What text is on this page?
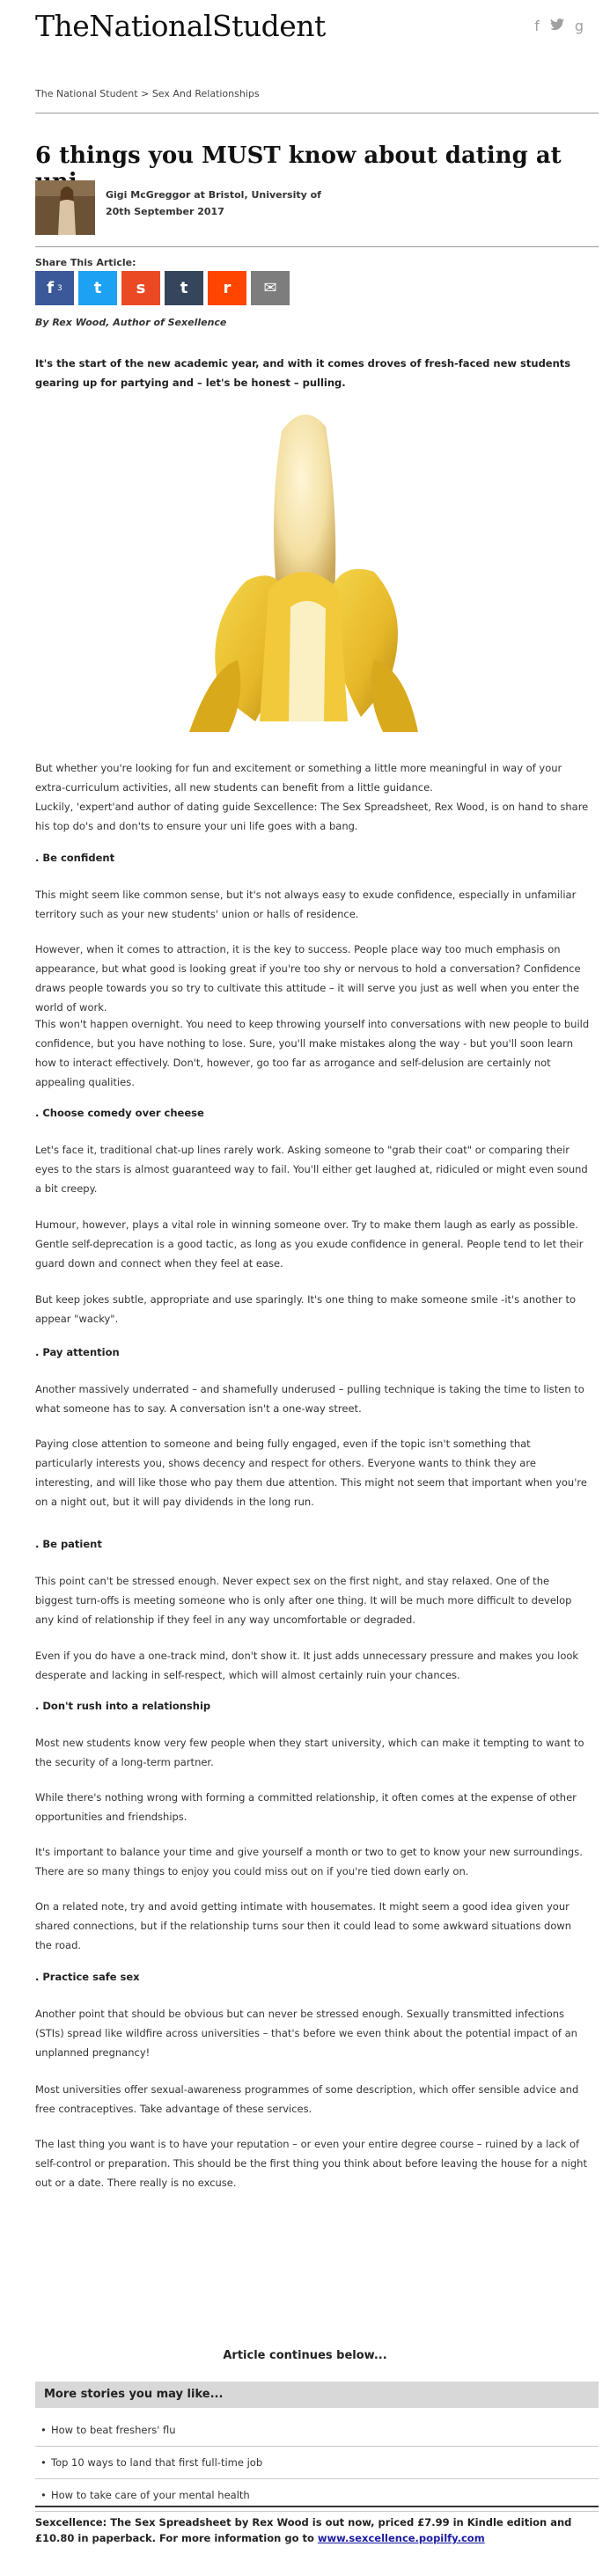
The National Student	f	g
The National Student > Sex And Relationships
6 things you MUST know about dating at
Gigi McGreggor at Bristol, University of
20th September 2017
Share This Article:
f 3 t s t r ✉
By Rex Wood, Author of Sexellence

It's the start of the new academic year, and with it comes droves of fresh-faced new students gearing up for partying and – let's be honest – pulling.

But whether you're looking for fun and excitement or something a little more meaningful in way of your extra-curriculum activities, all new students can benefit from a little guidance.

Luckily, 'expert'and author of dating guide Sexcellence: The Sex Spreadsheet, Rex Wood, is on hand to share his top do's and don'ts to ensure your uni life goes with a bang.

. Be confident

This might seem like common sense, but it's not always easy to exude confidence, especially in unfamiliar territory such as your new students' union or halls of residence.

However, when it comes to attraction, it is the key to success. People place way too much emphasis on appearance, but what good is looking great if you're too shy or nervous to hold a conversation? Confidence draws people towards you so try to cultivate this attitude – it will serve you just as well when you enter the world of work.

This won't happen overnight. You need to keep throwing yourself into conversations with new people to build confidence, but you have nothing to lose. Sure, you'll make mistakes along the way - but you'll soon learn how to interact effectively. Don't, however, go too far as arrogance and self-delusion are certainly not appealing qualities.

. Choose comedy over cheese

Let's face it, traditional chat-up lines rarely work. Asking someone to "grab their coat" or comparing their eyes to the stars is almost guaranteed way to fail. You'll either get laughed at, ridiculed or might even sound a bit creepy.

Humour, however, plays a vital role in winning someone over. Try to make them laugh as early as possible. Gentle self-deprecation is a good tactic, as long as you exude confidence in general. People tend to let their guard down and connect when they feel at ease.

But keep jokes subtle, appropriate and use sparingly. It's one thing to make someone smile -it's another to appear "wacky".

. Pay attention

Another massively underrated – and shamefully underused – pulling technique is taking the time to listen to what someone has to say. A conversation isn't a one-way street.

Paying close attention to someone and being fully engaged, even if the topic isn't something that particularly interests you, shows decency and respect for others. Everyone wants to think they are interesting, and will like those who pay them due attention. This might not seem that important when you're on a night out, but it will pay dividends in the long run.

. Be patient

This point can't be stressed enough. Never expect sex on the first night, and stay relaxed. One of the biggest turn-offs is meeting someone who is only after one thing. It will be much more difficult to develop any kind of relationship if they feel in any way uncomfortable or degraded.

Even if you do have a one-track mind, don't show it. It just adds unnecessary pressure and makes you look desperate and lacking in self-respect, which will almost certainly ruin your chances.

. Don't rush into a relationship

Most new students know very few people when they start university, which can make it tempting to want to the security of a long-term partner.

While there's nothing wrong with forming a committed relationship, it often comes at the expense of other opportunities and friendships.

It's important to balance your time and give yourself a month or two to get to know your new surroundings. There are so many things to enjoy you could miss out on if you're tied down early on.

On a related note, try and avoid getting intimate with housemates. It might seem a good idea given your shared connections, but if the relationship turns sour then it could lead to some awkward situations down the road.

. Practice safe sex

Another point that should be obvious but can never be stressed enough. Sexually transmitted infections (STIs) spread like wildfire across universities – that's before we even think about the potential impact of an unplanned pregnancy!

Most universities offer sexual-awareness programmes of some description, which offer sensible advice and free contraceptives. Take advantage of these services.

The last thing you want is to have your reputation – or even your entire degree course – ruined by a lack of self-control or preparation. This should be the first thing you think about before leaving the house for a night out or a date. There really is no excuse.

Article continues below...
More stories you may like...
• How to beat freshers' flu
• Top 10 ways to land that first full-time job
• How to take care of your mental health

Sexcellence: The Sex Spreadsheet by Rex Wood is out now, priced £7.99 in Kindle edition and £10.80 in paperback. For more information go to www.sexcellence.popilfy.com
